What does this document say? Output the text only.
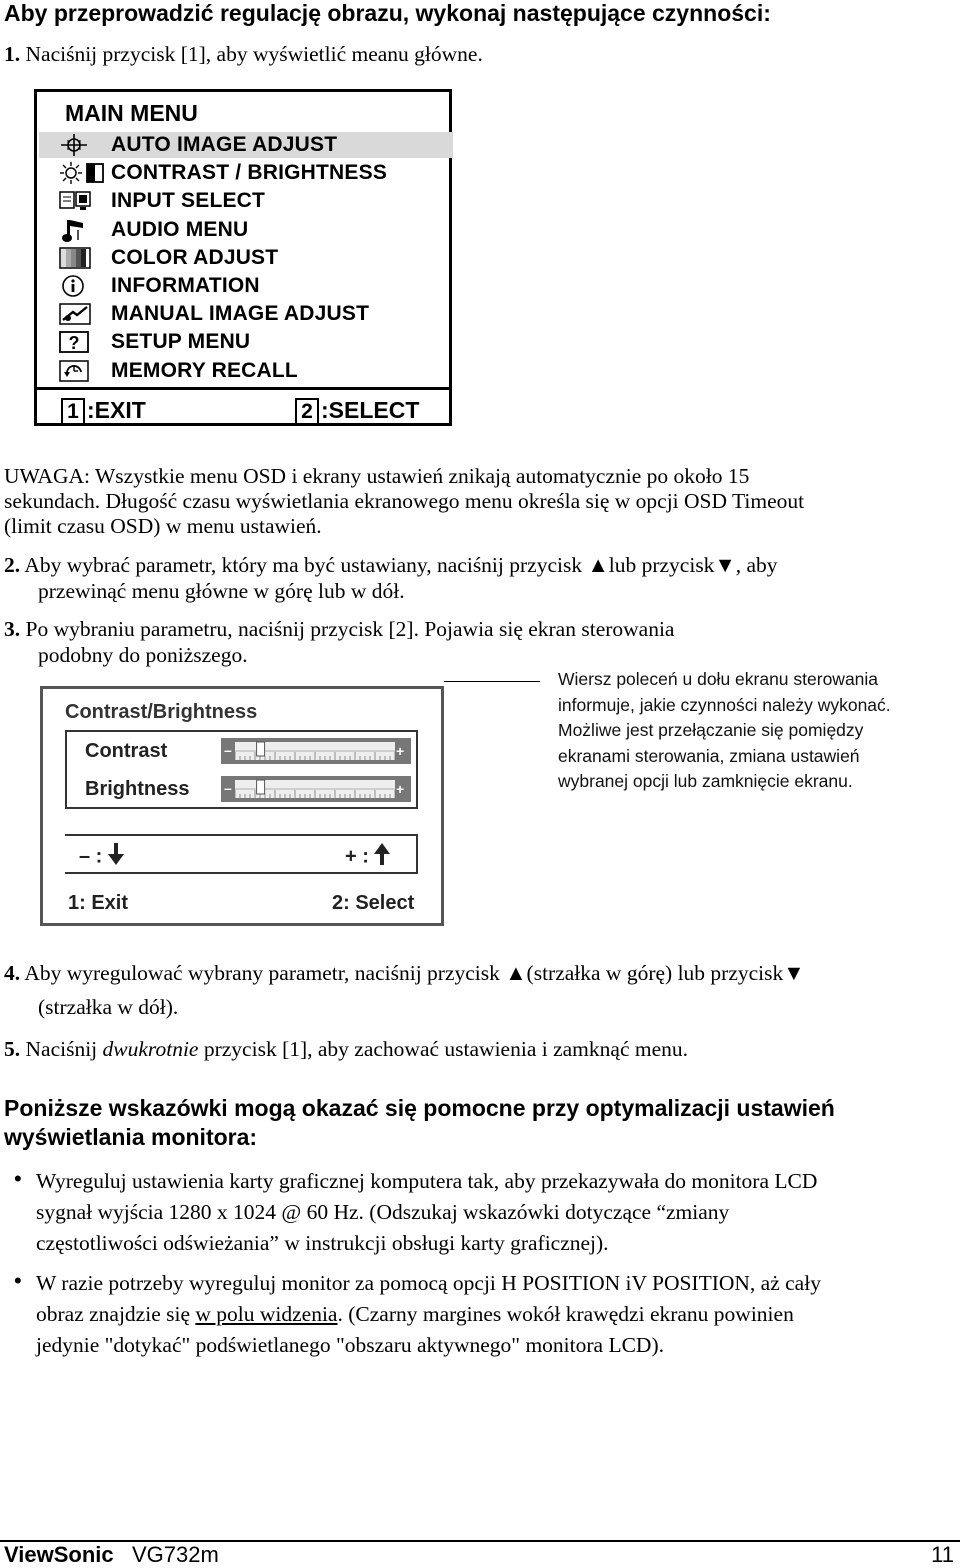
Aby przeprowadzić regulację obrazu, wykonaj następujące czynności:
1. Naciśnij przycisk [1], aby wyświetlić meanu główne.
MAIN MENU
AUTO IMAGE ADJUST
CONTRAST / BRIGHTNESS
INPUT SELECT
AUDIO MENU
COLOR ADJUST
INFORMATION
MANUAL IMAGE ADJUST
? SETUP MENU
MEMORY RECALL
1 :EXIT	2 :SELECT
UWAGA: Wszystkie menu OSD i ekrany ustawień znikają automatycznie po około 15
sekundach. Długość czasu wyświetlania ekranowego menu określa się w opcji OSD Timeout
(limit czasu OSD) w menu ustawień.
2. Aby wybrać parametr, który ma być ustawiany, naciśnij przycisk ▲lub przycisk▼, aby
przewinąć menu główne w górę lub w dół.
3. Po wybraniu parametru, naciśnij przycisk [2]. Pojawia się ekran sterowania
podobny do poniższego.
Wiersz poleceń u dołu ekranu sterowania
informuje, jakie czynności należy wykonać.
Możliwe jest przełączanie się pomiędzy
ekranami sterowania, zmiana ustawień
wybranej opcji lub zamknięcie ekranu.
Contrast/Brightness
Contrast	–	+
Brightness –	+
– :	+ :
1: Exit	2: Select
4. Aby wyregulować wybrany parametr, naciśnij przycisk ▲(strzałka w górę) lub przycisk▼
(strzałka w dół).
5. Naciśnij dwukrotnie przycisk [1], aby zachować ustawienia i zamknąć menu.
Poniższe wskazówki mogą okazać się pomocne przy optymalizacji ustawień
wyświetlania monitora:
• Wyreguluj ustawienia karty graficznej komputera tak, aby przekazywała do monitora LCD
sygnał wyjścia 1280 x 1024 @ 60 Hz. (Odszukaj wskazówki dotyczące “zmiany
częstotliwości odświeżania” w instrukcji obsługi karty graficznej).
• W razie potrzeby wyreguluj monitor za pomocą opcji H POSITION iV POSITION, aż cały
obraz znajdzie się w polu widzenia. (Czarny margines wokół krawędzi ekranu powinien
jedynie "dotykać" podświetlanego "obszaru aktywnego" monitora LCD).
ViewSonic VG732m	11
